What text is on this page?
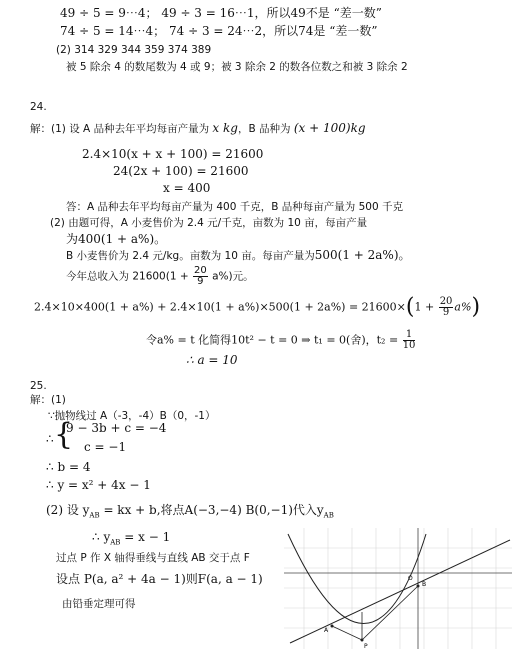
49 ÷ 5 = 9⋯4； 49 ÷ 3 = 16⋯1，所以49不是 “差一数”
74 ÷ 5 = 14⋯4； 74 ÷ 3 = 24⋯2，所以74是 “差一数”
(2) 314 329 344 359 374 389
被 5 除余 4 的数尾数为 4 或 9；被 3 除余 2 的数各位数之和被 3 除余 2
24.
解：(1) 设 A 品种去年平均每亩产量为 x kg，B 品种为 (x + 100)kg
2.4×10(x + x + 100) = 21600
24(2x + 100) = 21600
x = 400
答：A 品种去年平均每亩产量为 400 千克，B 品种每亩产量为 500 千克
(2) 由题可得，A 小麦售价为 2.4 元/千克，亩数为 10 亩，每亩产量
为400(1 + a%)。
B 小麦售价为 2.4 元/kg。亩数为 10 亩。每亩产量为500(1 + 2a%)。
今年总收入为 $21600(1 + \frac{20}{9} a\%)$元。
$2.4\times 10\times 400(1 + a\%) + 2.4\times 10(1 + a\%)\times 500(1 + 2a\%) = 21600\times(1 + \frac{20}{9} a\%)$
令a% = t 化简得10t² − t = 0 ⇒ t₁ = 0(舍)，$t_2 = \frac{1}{10}$
∴ a = 10
25.
解：(1)
∵抛物线过 A（-3，-4）B（0，-1）
∴ {
9 − 3b + c = −4
c = −1
∴ b = 4
∴ y = x² + 4x − 1
(2) 设 $y_{AB}$ = kx + b,将点A(−3,−4) B(0,−1)代入$y_{AB}$
∴ $y_{AB} = x - 1$
过点 P 作 X 轴得垂线与直线 AB 交于点 F
设点 P(a, a² + 4a − 1)则F(a, a − 1)
由铅垂定理可得
O
B
A
P
